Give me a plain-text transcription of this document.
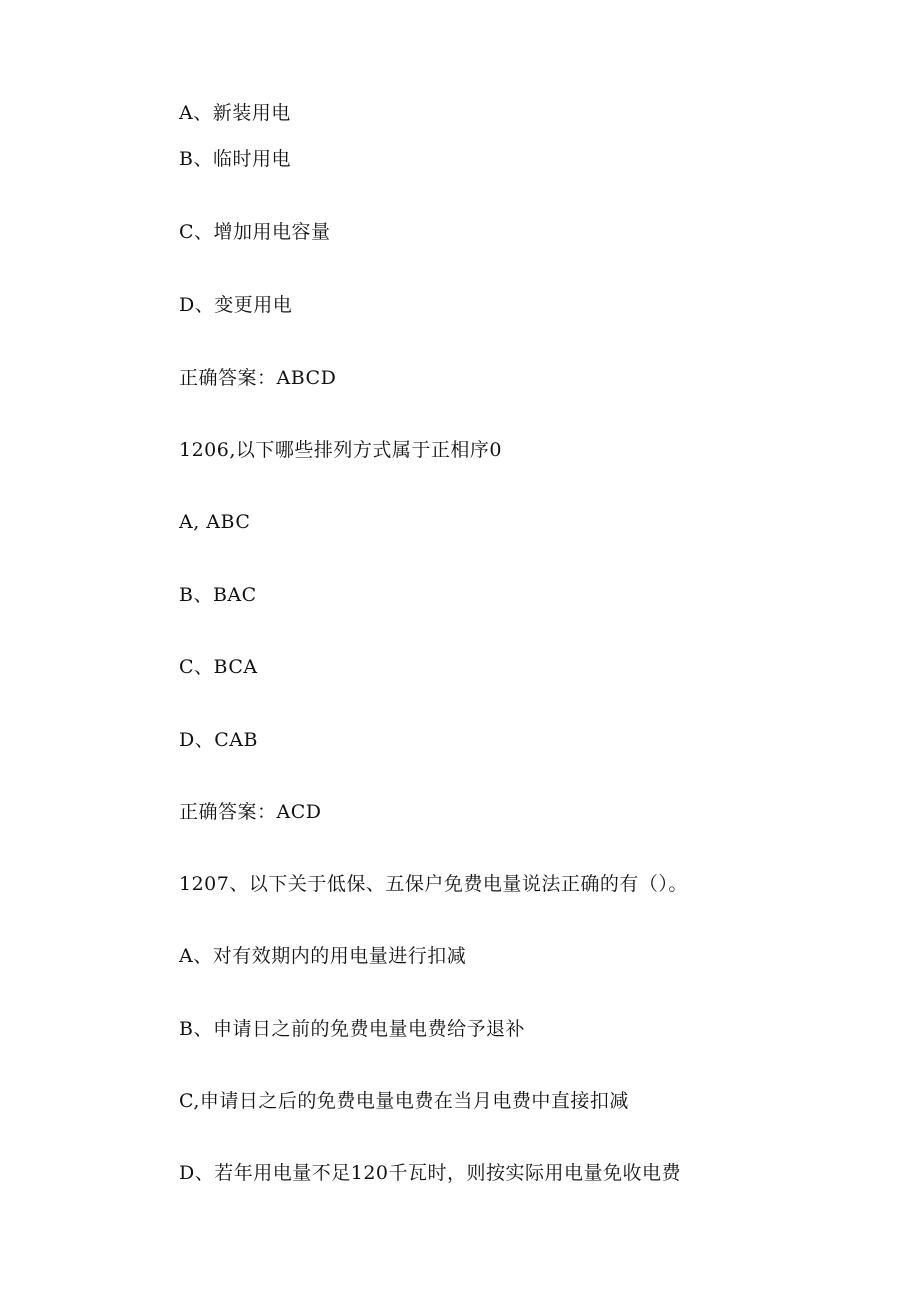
A、新装用电
B、临时用电
C、增加用电容量
D、变更用电
正确答案：ABCD
1206,以下哪些排列方式属于正相序0
A, ABC
B、BAC
C、BCA
D、CAB
正确答案：ACD
1207、以下关于低保、五保户免费电量说法正确的有（）。
A、对有效期内的用电量进行扣减
B、申请日之前的免费电量电费给予退补
C,申请日之后的免费电量电费在当月电费中直接扣减
D、若年用电量不足120千瓦时，则按实际用电量免收电费
